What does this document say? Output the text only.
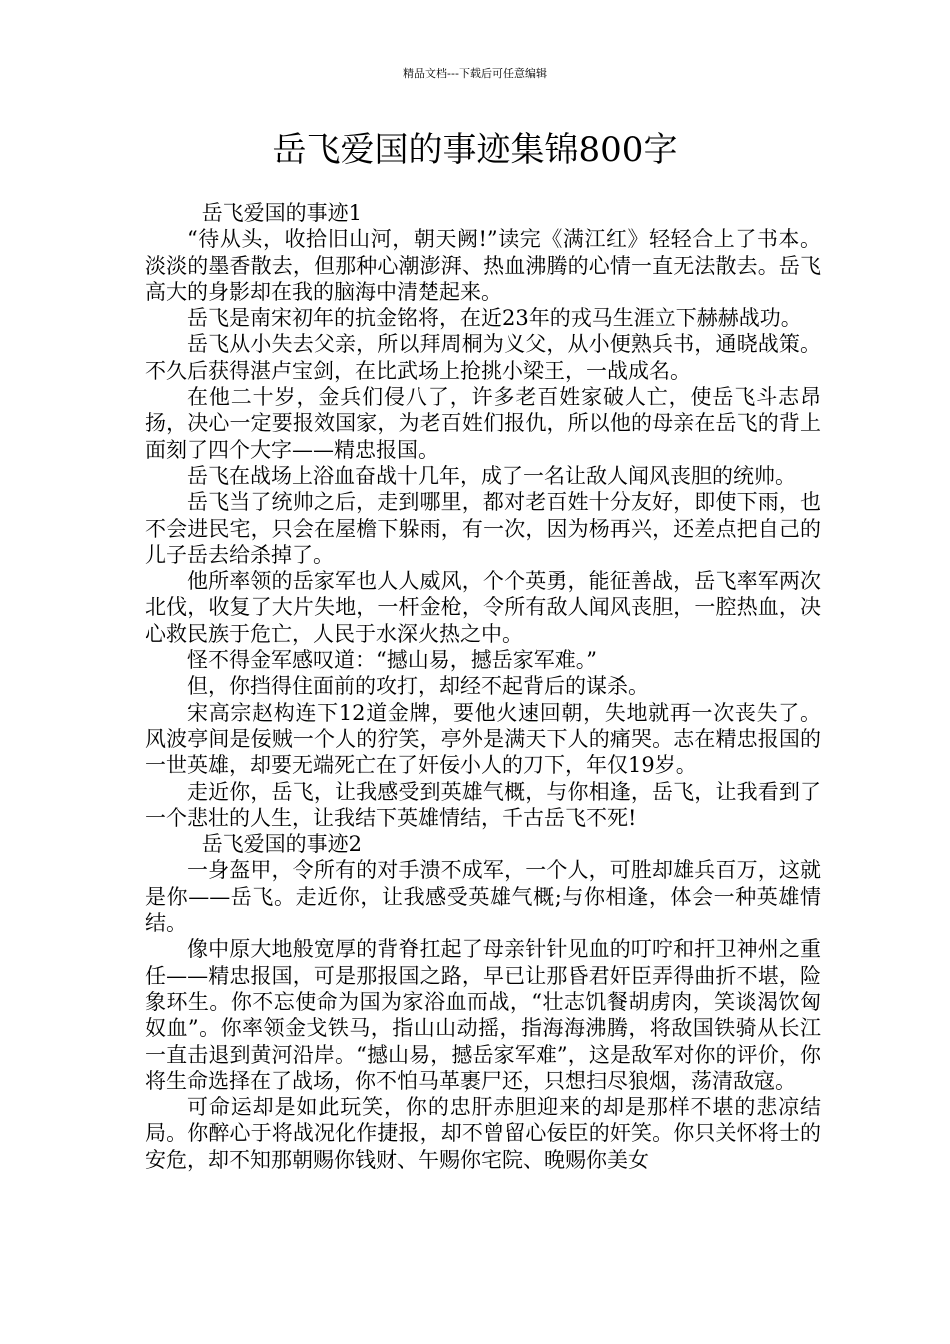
精品文档---下载后可任意编辑
岳飞爱国的事迹集锦800字

岳飞爱国的事迹1

“待从头，收拾旧山河，朝天阙!”读完《满江红》轻轻合上了书本。淡淡的墨香散去，但那种心潮澎湃、热血沸腾的心情一直无法散去。岳飞高大的身影却在我的脑海中清楚起来。

岳飞是南宋初年的抗金铭将，在近23年的戎马生涯立下赫赫战功。

岳飞从小失去父亲，所以拜周桐为义父，从小便熟兵书，通晓战策。不久后获得湛卢宝剑，在比武场上抢挑小梁王，一战成名。

在他二十岁，金兵们侵八了，许多老百姓家破人亡，使岳飞斗志昂扬，决心一定要报效国家，为老百姓们报仇，所以他的母亲在岳飞的背上面刻了四个大字——精忠报国。

岳飞在战场上浴血奋战十几年，成了一名让敌人闻风丧胆的统帅。

岳飞当了统帅之后，走到哪里，都对老百姓十分友好，即使下雨，也不会进民宅，只会在屋檐下躲雨，有一次，因为杨再兴，还差点把自己的儿子岳去给杀掉了。

他所率领的岳家军也人人威风，个个英勇，能征善战，岳飞率军两次北伐，收复了大片失地，一杆金枪，令所有敌人闻风丧胆，一腔热血，决心救民族于危亡，人民于水深火热之中。

怪不得金军感叹道：“撼山易，撼岳家军难。”

但，你挡得住面前的攻打，却经不起背后的谋杀。

宋高宗赵构连下12道金牌，要他火速回朝，失地就再一次丧失了。风波亭间是佞贼一个人的狞笑，亭外是满天下人的痛哭。志在精忠报国的一世英雄，却要无端死亡在了奸佞小人的刀下，年仅19岁。

走近你，岳飞，让我感受到英雄气概，与你相逢，岳飞，让我看到了一个悲壮的人生，让我结下英雄情结，千古岳飞不死!

岳飞爱国的事迹2

一身盔甲，令所有的对手溃不成军，一个人，可胜却雄兵百万，这就是你——岳飞。走近你，让我感受英雄气概;与你相逢，体会一种英雄情结。

像中原大地般宽厚的背脊扛起了母亲针针见血的叮咛和扞卫神州之重任——精忠报国，可是那报国之路，早已让那昏君奸臣弄得曲折不堪，险象环生。你不忘使命为国为家浴血而战，“壮志饥餐胡虏肉，笑谈渴饮匈奴血”。你率领金戈铁马，指山山动摇，指海海沸腾，将敌国铁骑从长江一直击退到黄河沿岸。“撼山易，撼岳家军难”，这是敌军对你的评价，你将生命选择在了战场，你不怕马革裹尸还，只想扫尽狼烟，荡清敌寇。

可命运却是如此玩笑，你的忠肝赤胆迎来的却是那样不堪的悲凉结局。你醉心于将战况化作捷报，却不曾留心佞臣的奸笑。你只关怀将士的安危，却不知那朝赐你钱财、午赐你宅院、晚赐你美女
